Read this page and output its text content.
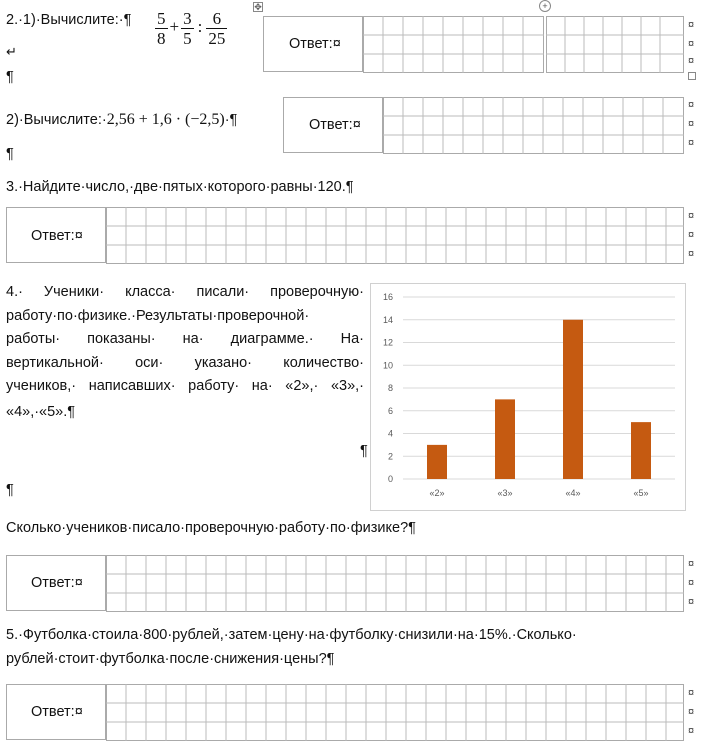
✥	+
2.·1)·Вычислите:·¶ $\frac{5}{8} + \frac{3}{5}$ : $\frac{6}{25}$
↵
¶
Ответ:¤
¤
¤
¤
2)·Вычислите:·2,56 + 1,6 · (−2,5)·¶
¶
Ответ:¤
¤
¤
¤
3.·Найдите·число,·две·пятых·которого·равны·120.¶
Ответ:¤
¤
¤
¤
4.· Ученики· класса· писали· проверочную·
работу·по·физике.·Результаты·проверочной·
работы· показаны· на· диаграмме.· На·
вертикальной· оси· указано· количество·
учеников,· написавших· работу· на· «2»,· «3»,·
«4»,·«5».¶
¶
¶
0
2
4
6
8
10
12
14
16
«2»	«3»	«4»	«5»
Сколько·учеников·писало·проверочную·работу·по·физике?¶
Ответ:¤
¤
¤
¤
5.·Футболка·стоила·800·рублей,·затем·цену·на·футболку·снизили·на·15%.·Сколько·
рублей·стоит·футболка·после·снижения·цены?¶
Ответ:¤
¤
¤
¤
